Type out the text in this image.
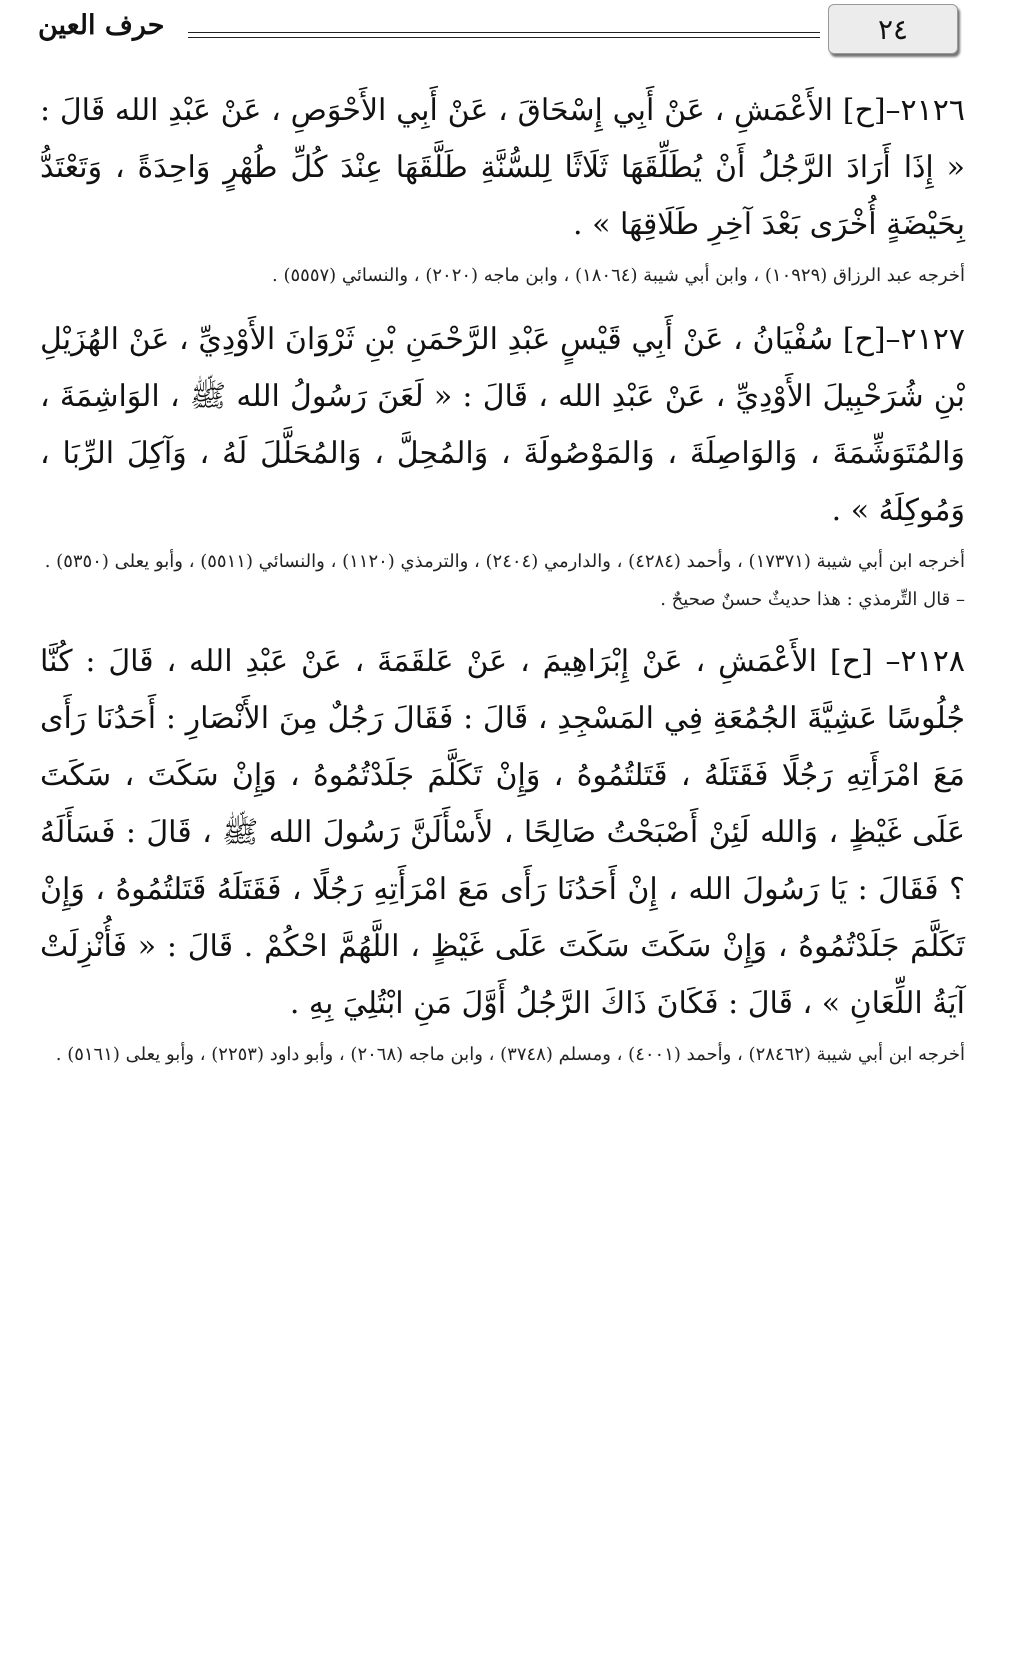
٢٤
حرف العين

٢١٢٦–[ح] الأَعْمَشِ ، عَنْ أَبِي إِسْحَاقَ ، عَنْ أَبِي الأَحْوَصِ ، عَنْ عَبْدِ الله قَالَ : « إِذَا أَرَادَ الرَّجُلُ أَنْ يُطَلِّقَهَا ثَلَاثًا لِلسُّنَّةِ طَلَّقَهَا عِنْدَ كُلِّ طُهْرٍ وَاحِدَةً ، وَتَعْتَدُّ بِحَيْضَةٍ أُخْرَى بَعْدَ آخِرِ طَلَاقِهَا » .

أخرجه عبد الرزاق (١٠٩٢٩) ، وابن أبي شيبة (١٨٠٦٤) ، وابن ماجه (٢٠٢٠) ، والنسائي (٥٥٥٧) .

٢١٢٧–[ح] سُفْيَانُ ، عَنْ أَبِي قَيْسٍ عَبْدِ الرَّحْمَنِ بْنِ ثَرْوَانَ الأَوْدِيِّ ، عَنْ الهُزَيْلِ بْنِ شُرَحْبِيلَ الأَوْدِيِّ ، عَنْ عَبْدِ الله ، قَالَ : « لَعَنَ رَسُولُ الله ﷺ ، الوَاشِمَةَ ، وَالمُتَوَشِّمَةَ ، وَالوَاصِلَةَ ، وَالمَوْصُولَةَ ، وَالمُحِلَّ ، وَالمُحَلَّلَ لَهُ ، وَآكِلَ الرِّبَا ، وَمُوكِلَهُ » .

أخرجه ابن أبي شيبة (١٧٣٧١) ، وأحمد (٤٢٨٤) ، والدارمي (٢٤٠٤) ، والترمذي (١١٢٠) ، والنسائي (٥٥١١) ، وأبو يعلى (٥٣٥٠) .

– قال التِّرمذي : هذا حديثٌ حسنٌ صحيحٌ .

٢١٢٨– [ح] الأَعْمَشِ ، عَنْ إِبْرَاهِيمَ ، عَنْ عَلقَمَةَ ، عَنْ عَبْدِ الله ، قَالَ : كُنَّا جُلُوسًا عَشِيَّةَ الجُمُعَةِ فِي المَسْجِدِ ، قَالَ : فَقَالَ رَجُلٌ مِنَ الأَنْصَارِ : أَحَدُنَا رَأَى مَعَ امْرَأَتِهِ رَجُلًا فَقَتَلَهُ ، قَتَلتُمُوهُ ، وَإِنْ تَكَلَّمَ جَلَدْتُمُوهُ ، وَإِنْ سَكَتَ ، سَكَتَ عَلَى غَيْظٍ ، وَالله لَئِنْ أَصْبَحْتُ صَالِحًا ، لأَسْأَلَنَّ رَسُولَ الله ﷺ ، قَالَ : فَسَأَلَهُ ؟ فَقَالَ : يَا رَسُولَ الله ، إِنْ أَحَدُنَا رَأَى مَعَ امْرَأَتِهِ رَجُلًا ، فَقَتَلَهُ قَتَلتُمُوهُ ، وَإِنْ تَكَلَّمَ جَلَدْتُمُوهُ ، وَإِنْ سَكَتَ سَكَتَ عَلَى غَيْظٍ ، اللَّهُمَّ احْكُمْ . قَالَ : « فَأُنْزِلَتْ آيَةُ اللِّعَانِ » ، قَالَ : فَكَانَ ذَاكَ الرَّجُلُ أَوَّلَ مَنِ ابْتُلِيَ بِهِ .

أخرجه ابن أبي شيبة (٢٨٤٦٢) ، وأحمد (٤٠٠١) ، ومسلم (٣٧٤٨) ، وابن ماجه (٢٠٦٨) ، وأبو داود (٢٢٥٣) ، وأبو يعلى (٥١٦١) .
